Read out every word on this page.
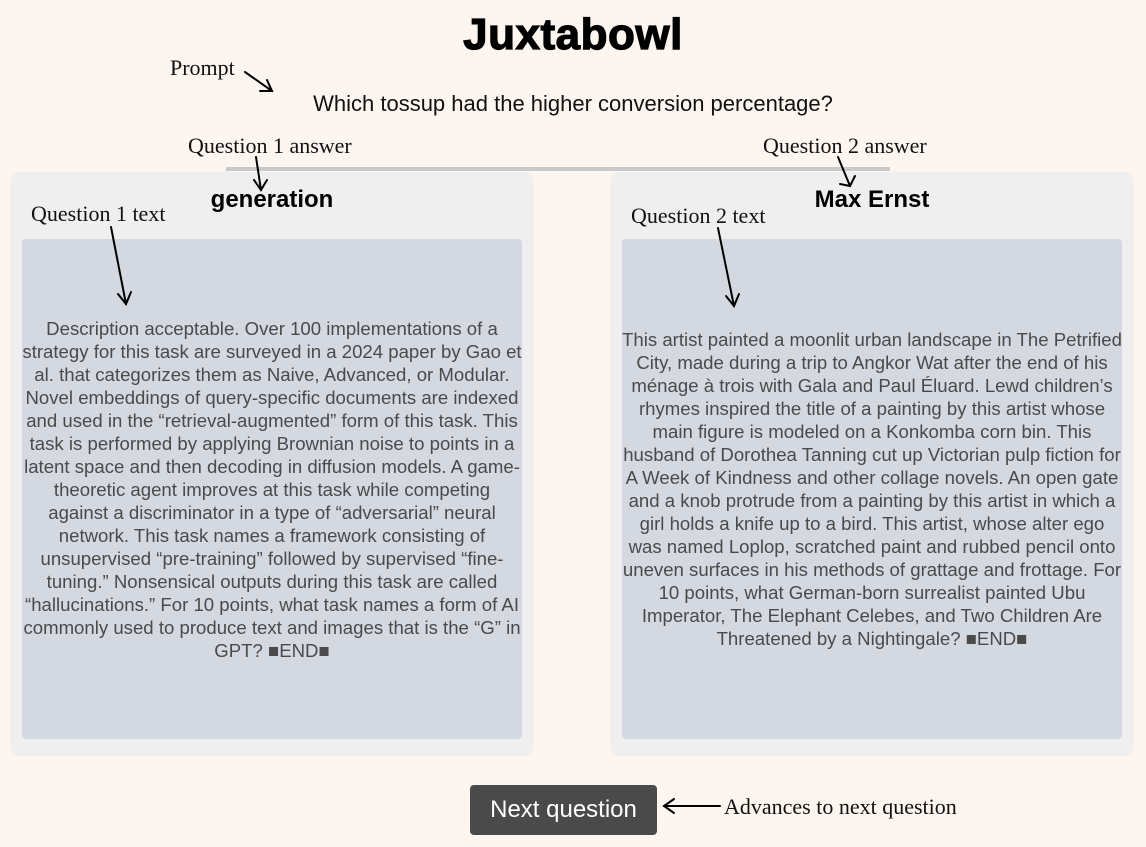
Juxtabowl
Which tossup had the higher conversion percentage?
generation
Description acceptable. Over 100 implementations of a strategy for this task are surveyed in a 2024 paper by Gao et al. that categorizes them as Naive, Advanced, or Modular. Novel embeddings of query-specific documents are indexed and used in the “retrieval-augmented” form of this task. This task is performed by applying Brownian noise to points in a latent space and then decoding in diffusion models. A game-theoretic agent improves at this task while competing against a discriminator in a type of “adversarial” neural network. This task names a framework consisting of unsupervised “pre-training” followed by supervised “fine-tuning.” Nonsensical outputs during this task are called “hallucinations.” For 10 points, what task names a form of AI commonly used to produce text and images that is the “G” in GPT? ■END■
Max Ernst
This artist painted a moonlit urban landscape in The Petrified City, made during a trip to Angkor Wat after the end of his ménage à trois with Gala and Paul Éluard. Lewd children’s rhymes inspired the title of a painting by this artist whose main figure is modeled on a Konkomba corn bin. This husband of Dorothea Tanning cut up Victorian pulp fiction for A Week of Kindness and other collage novels. An open gate and a knob protrude from a painting by this artist in which a girl holds a knife up to a bird. This artist, whose alter ego was named Loplop, scratched paint and rubbed pencil onto uneven surfaces in his methods of grattage and frottage. For 10 points, what German-born surrealist painted Ubu Imperator, The Elephant Celebes, and Two Children Are Threatened by a Nightingale? ■END■
Next question
Prompt
Question 1 answer	Question 2 answer
Question 1 text	Question 2 text
Advances to next question
